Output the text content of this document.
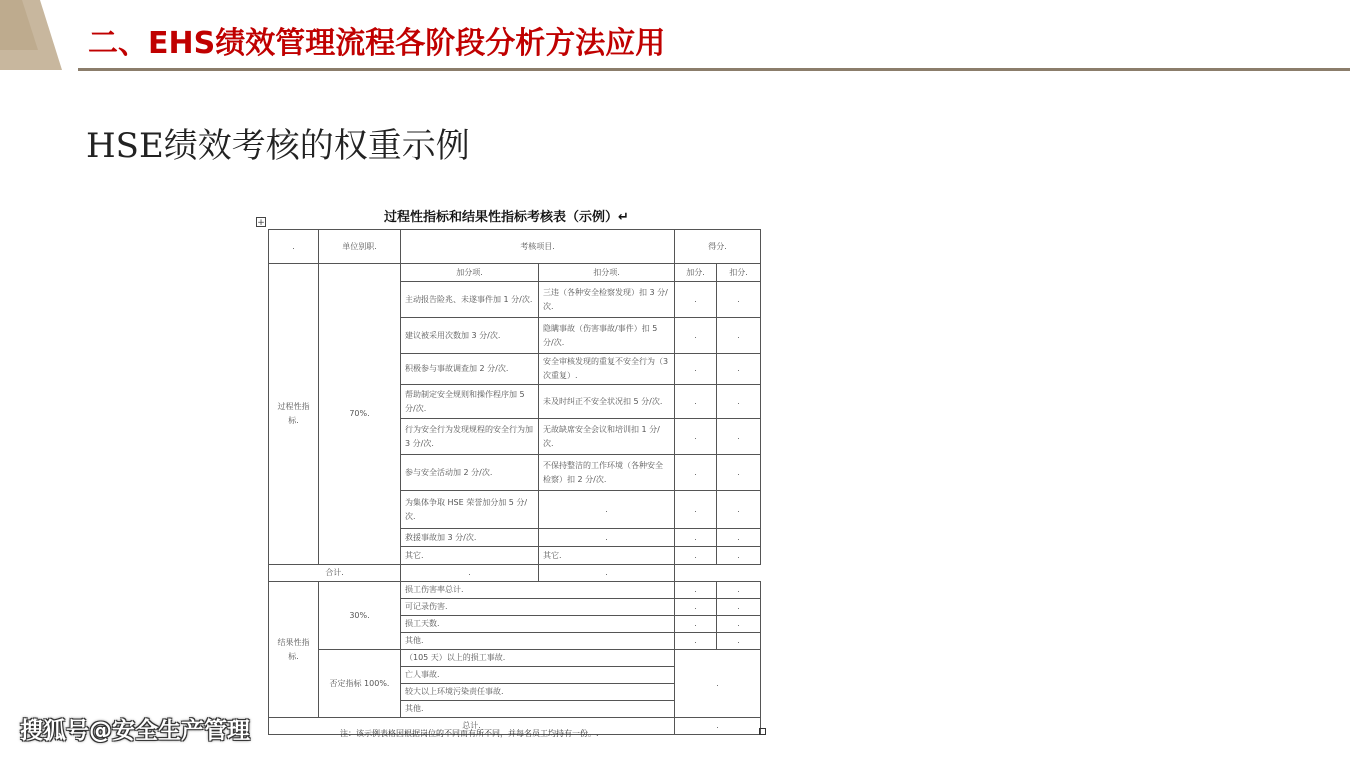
二、EHS绩效管理流程各阶段分析方法应用
HSE绩效考核的权重示例
过程性指标和结果性指标考核表（示例）↵
+
.	单位别职.	考核项目.		得分.	
过程性指标.	70%.	加分项.	扣分项.	加分.	扣分.
		主动报告险兆、未遂事件加 1 分/次.	三违（各种安全检察发现）扣 3 分/次.	.	.
		建议被采用次数加 3 分/次.	隐瞒事故（伤害事故/事件）扣 5 分/次.	.	.
		积极参与事故调查加 2 分/次.	安全审核发现的重复不安全行为（3 次重复）.	.	.
		帮助制定安全规则和操作程序加 5 分/次.	未及时纠正不安全状况扣 5 分/次.	.	.
		行为安全行为发现规程的安全行为加 3 分/次.	无故缺席安全会议和培训扣 1 分/次.	.	.
		参与安全活动加 2 分/次.	不保持整洁的工作环境（各种安全检察）扣 2 分/次.	.	.
		为集体争取 HSE 荣誉加分加 5 分/次.	.	.	.
		救援事故加 3 分/次.	.	.	.
		其它.	其它.	.	.
合计.		.	.		
结果性指标.	30%.	损工伤害率总计.		.	.
		可记录伤害.		.	.
		损工天数.		.	.
		其他.		.	.
	否定指标 100%.	（105 天）以上的损工事故.		.	
		亡人事故.			
		较大以上环境污染责任事故.			
		其他.			
总计.				.	
注：该示例表格因根据岗位的不同而有所不同，并每名员工均持有一份。.
搜狐号@安全生产管理
